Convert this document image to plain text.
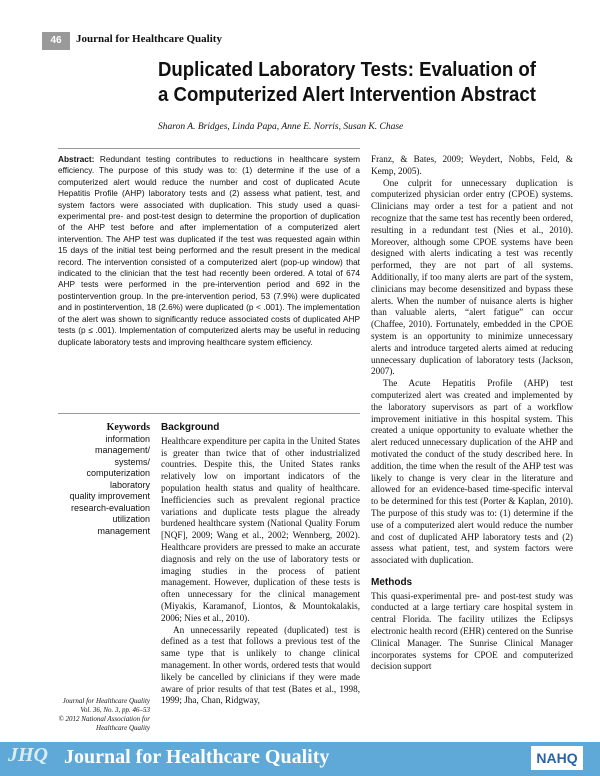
46	Journal for Healthcare Quality
Duplicated Laboratory Tests: Evaluation of a Computerized Alert Intervention Abstract
Sharon A. Bridges, Linda Papa, Anne E. Norris, Susan K. Chase
Abstract: Redundant testing contributes to reductions in healthcare system efficiency. The purpose of this study was to: (1) determine if the use of a computerized alert would reduce the number and cost of duplicated Acute Hepatitis Profile (AHP) laboratory tests and (2) assess what patient, test, and system factors were associated with duplication. This study used a quasi-experimental pre- and post-test design to determine the proportion of duplication of the AHP test before and after implementation of a computerized alert intervention. The AHP test was duplicated if the test was requested again within 15 days of the initial test being performed and the result present in the medical record. The intervention consisted of a computerized alert (pop-up window) that indicated to the clinician that the test had recently been ordered. A total of 674 AHP tests were performed in the pre-intervention period and 692 in the postintervention group. In the pre-intervention period, 53 (7.9%) were duplicated and in postintervention, 18 (2.6%) were duplicated (p < .001). The implementation of the alert was shown to significantly reduce associated costs of duplicated AHP tests (p ≤ .001). Implementation of computerized alerts may be useful in reducing duplicate laboratory tests and improving healthcare system efficiency.
Keywords
information
management/
systems/
computerization
laboratory
quality improvement
research-evaluation
utilization
management
Background

Healthcare expenditure per capita in the United States is greater than twice that of other industrialized countries. Despite this, the United States ranks relatively low on important indicators of the population health status and quality of healthcare. Inefficiencies such as prevalent regional practice variations and duplicate tests plague the already burdened healthcare system (National Quality Forum [NQF], 2009; Wang et al., 2002; Wennberg, 2002). Healthcare providers are pressed to make an accurate diagnosis and rely on the use of laboratory tests or imaging studies in the process of patient management. However, duplication of these tests is often unnecessary for the clinical management (Miyakis, Karamanof, Liontos, & Mountokalakis, 2006; Nies et al., 2010).

An unnecessarily repeated (duplicated) test is defined as a test that follows a previous test of the same type that is unlikely to change clinical management. In other words, ordered tests that would likely be cancelled by clinicians if they were made aware of prior results of that test (Bates et al., 1998, 1999; Jha, Chan, Ridgway,

Franz, & Bates, 2009; Weydert, Nobbs, Feld, & Kemp, 2005).

One culprit for unnecessary duplication is computerized physician order entry (CPOE) systems. Clinicians may order a test for a patient and not recognize that the same test has recently been ordered, resulting in a redundant test (Nies et al., 2010). Moreover, although some CPOE systems have been designed with alerts indicating a test was recently performed, they are not part of all systems. Additionally, if too many alerts are part of the system, clinicians may become desensitized and bypass these alerts. When the number of nuisance alerts is higher than valuable alerts, “alert fatigue” can occur (Chaffee, 2010). Fortunately, embedded in the CPOE system is an opportunity to minimize unnecessary alerts and introduce targeted alerts aimed at reducing unnecessary duplication of laboratory tests (Jackson, 2007).

The Acute Hepatitis Profile (AHP) test computerized alert was created and implemented by the laboratory supervisors as part of a workflow improvement initiative in this hospital system. This created a unique opportunity to evaluate whether the alert reduced unnecessary duplication of the AHP and motivated the conduct of the study described here. In addition, the time when the result of the AHP test was likely to change is very clear in the literature and allowed for an evidence-based time-specific interval to be determined for this test (Porter & Kaplan, 2010). The purpose of this study was to: (1) determine if the use of a computerized alert would reduce the number and cost of duplicated AHP laboratory tests and (2) assess what patient, test, and system factors were associated with duplication.

Methods

This quasi-experimental pre- and post-test study was conducted at a large tertiary care hospital system in central Florida. The facility utilizes the Eclipsys electronic health record (EHR) centered on the Sunrise Clinical Manager. The Sunrise Clinical Manager incorporates systems for CPOE and computerized decision support

Journal for Healthcare Quality
Vol. 36, No. 3, pp. 46–53
© 2012 National Association for
Healthcare Quality
JHQ Journal for Healthcare Quality	NAHQ
